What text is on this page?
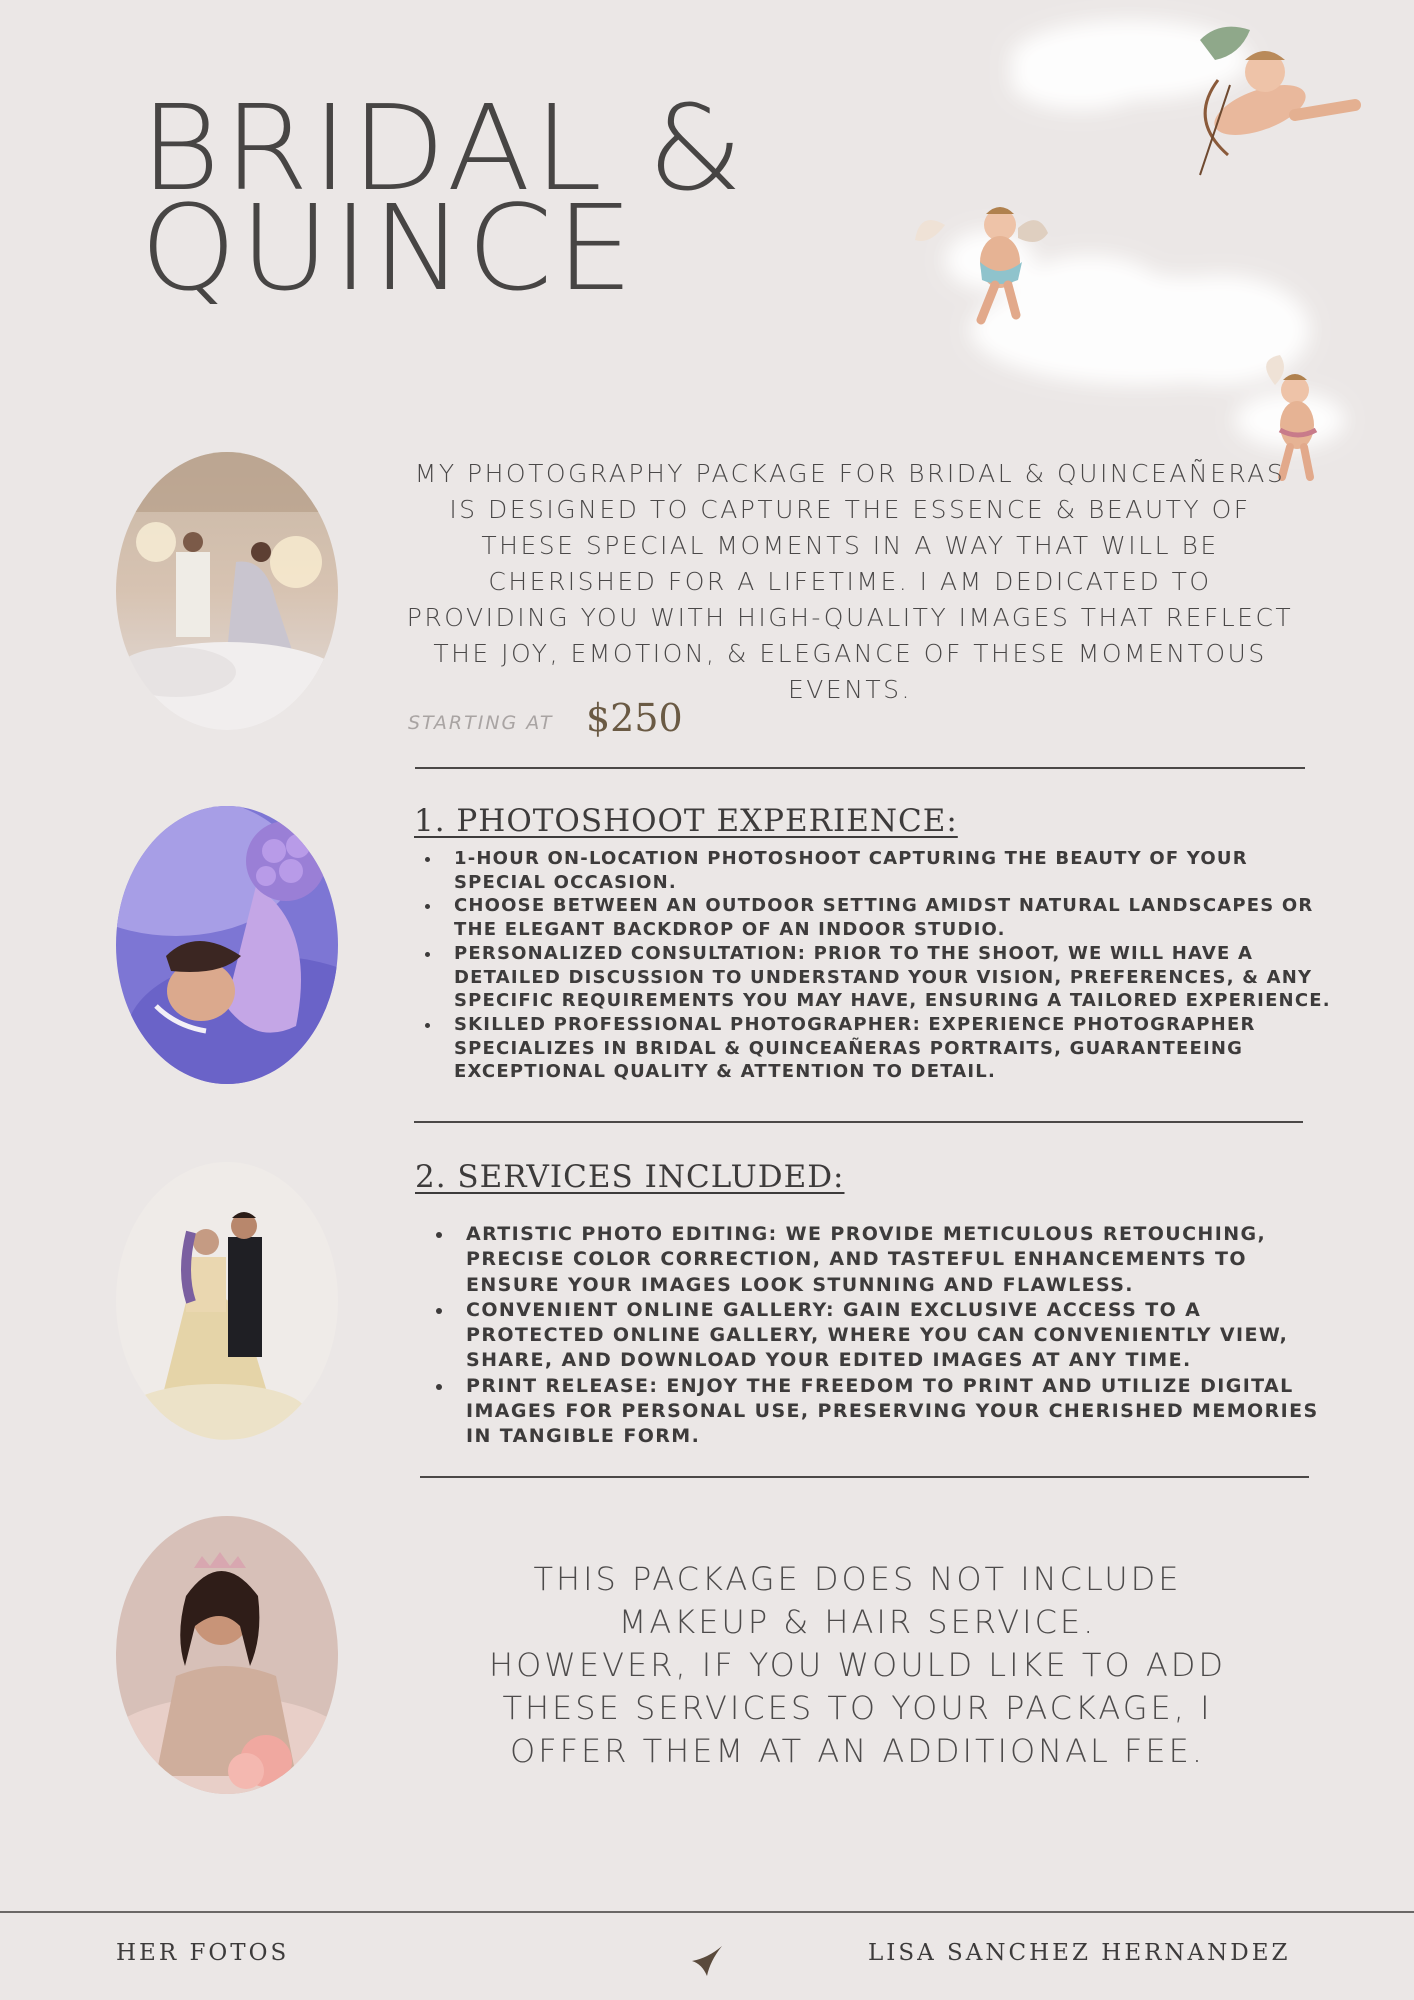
BRIDAL &
QUINCE

MY PHOTOGRAPHY PACKAGE FOR BRIDAL & QUINCEAÑERAS IS DESIGNED TO CAPTURE THE ESSENCE & BEAUTY OF THESE SPECIAL MOMENTS IN A WAY THAT WILL BE CHERISHED FOR A LIFETIME. I AM DEDICATED TO PROVIDING YOU WITH HIGH-QUALITY IMAGES THAT REFLECT THE JOY, EMOTION, & ELEGANCE OF THESE MOMENTOUS EVENTS.

STARTING AT $250
1. PHOTOSHOOT EXPERIENCE:
• 1-HOUR ON-LOCATION PHOTOSHOOT CAPTURING THE BEAUTY OF YOUR SPECIAL OCCASION.
• CHOOSE BETWEEN AN OUTDOOR SETTING AMIDST NATURAL LANDSCAPES OR THE ELEGANT BACKDROP OF AN INDOOR STUDIO.
• PERSONALIZED CONSULTATION: PRIOR TO THE SHOOT, WE WILL HAVE A DETAILED DISCUSSION TO UNDERSTAND YOUR VISION, PREFERENCES, & ANY SPECIFIC REQUIREMENTS YOU MAY HAVE, ENSURING A TAILORED EXPERIENCE.
• SKILLED PROFESSIONAL PHOTOGRAPHER: EXPERIENCE PHOTOGRAPHER SPECIALIZES IN BRIDAL & QUINCEAÑERAS PORTRAITS, GUARANTEEING EXCEPTIONAL QUALITY & ATTENTION TO DETAIL.
2. SERVICES INCLUDED:
• ARTISTIC PHOTO EDITING: WE PROVIDE METICULOUS RETOUCHING, PRECISE COLOR CORRECTION, AND TASTEFUL ENHANCEMENTS TO ENSURE YOUR IMAGES LOOK STUNNING AND FLAWLESS.
• CONVENIENT ONLINE GALLERY: GAIN EXCLUSIVE ACCESS TO A PROTECTED ONLINE GALLERY, WHERE YOU CAN CONVENIENTLY VIEW, SHARE, AND DOWNLOAD YOUR EDITED IMAGES AT ANY TIME.
• PRINT RELEASE: ENJOY THE FREEDOM TO PRINT AND UTILIZE DIGITAL IMAGES FOR PERSONAL USE, PRESERVING YOUR CHERISHED MEMORIES IN TANGIBLE FORM.

THIS PACKAGE DOES NOT INCLUDE
MAKEUP & HAIR SERVICE.
HOWEVER, IF YOU WOULD LIKE TO ADD
THESE SERVICES TO YOUR PACKAGE, I
OFFER THEM AT AN ADDITIONAL FEE.

HER FOTOS	LISA SANCHEZ HERNANDEZ
